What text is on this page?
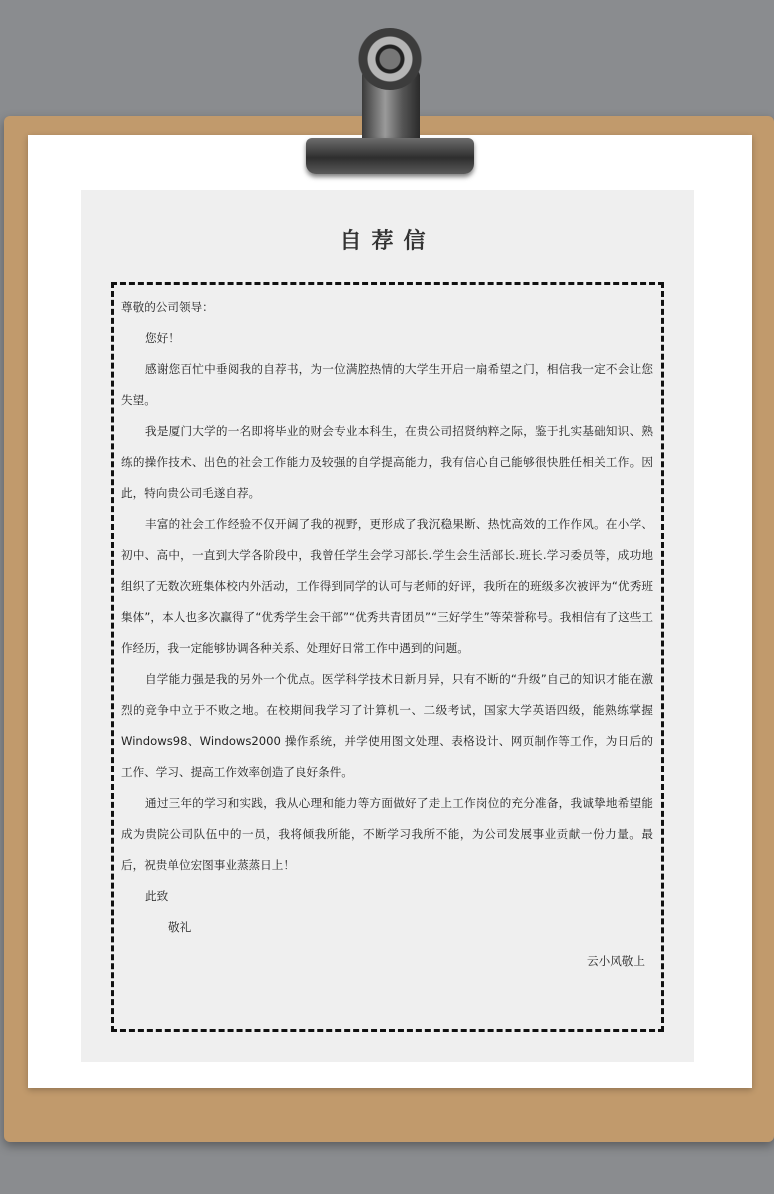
自荐信

尊敬的公司领导：

您好！

感谢您百忙中垂阅我的自荐书，为一位满腔热情的大学生开启一扇希望之门，相信我一定不会让您失望。

我是厦门大学的一名即将毕业的财会专业本科生，在贵公司招贤纳粹之际，鉴于扎实基础知识、熟练的操作技术、出色的社会工作能力及较强的自学提高能力，我有信心自己能够很快胜任相关工作。因此，特向贵公司毛遂自荐。

丰富的社会工作经验不仅开阔了我的视野，更形成了我沉稳果断、热忱高效的工作作风。在小学、初中、高中，一直到大学各阶段中，我曾任学生会学习部长.学生会生活部长.班长.学习委员等，成功地组织了无数次班集体校内外活动，工作得到同学的认可与老师的好评，我所在的班级多次被评为“优秀班集体”，本人也多次赢得了“优秀学生会干部”“优秀共青团员”“三好学生”等荣誉称号。我相信有了这些工作经历，我一定能够协调各种关系、处理好日常工作中遇到的问题。

自学能力强是我的另外一个优点。医学科学技术日新月异，只有不断的“升级”自己的知识才能在激烈的竞争中立于不败之地。在校期间我学习了计算机一、二级考试，国家大学英语四级，能熟练掌握 Windows98、Windows2000 操作系统，并学使用图文处理、表格设计、网页制作等工作，为日后的工作、学习、提高工作效率创造了良好条件。

通过三年的学习和实践，我从心理和能力等方面做好了走上工作岗位的充分准备，我诚挚地希望能成为贵院公司队伍中的一员，我将倾我所能，不断学习我所不能，为公司发展事业贡献一份力量。最后，祝贵单位宏图事业蒸蒸日上！

此致

敬礼

云小风敬上
